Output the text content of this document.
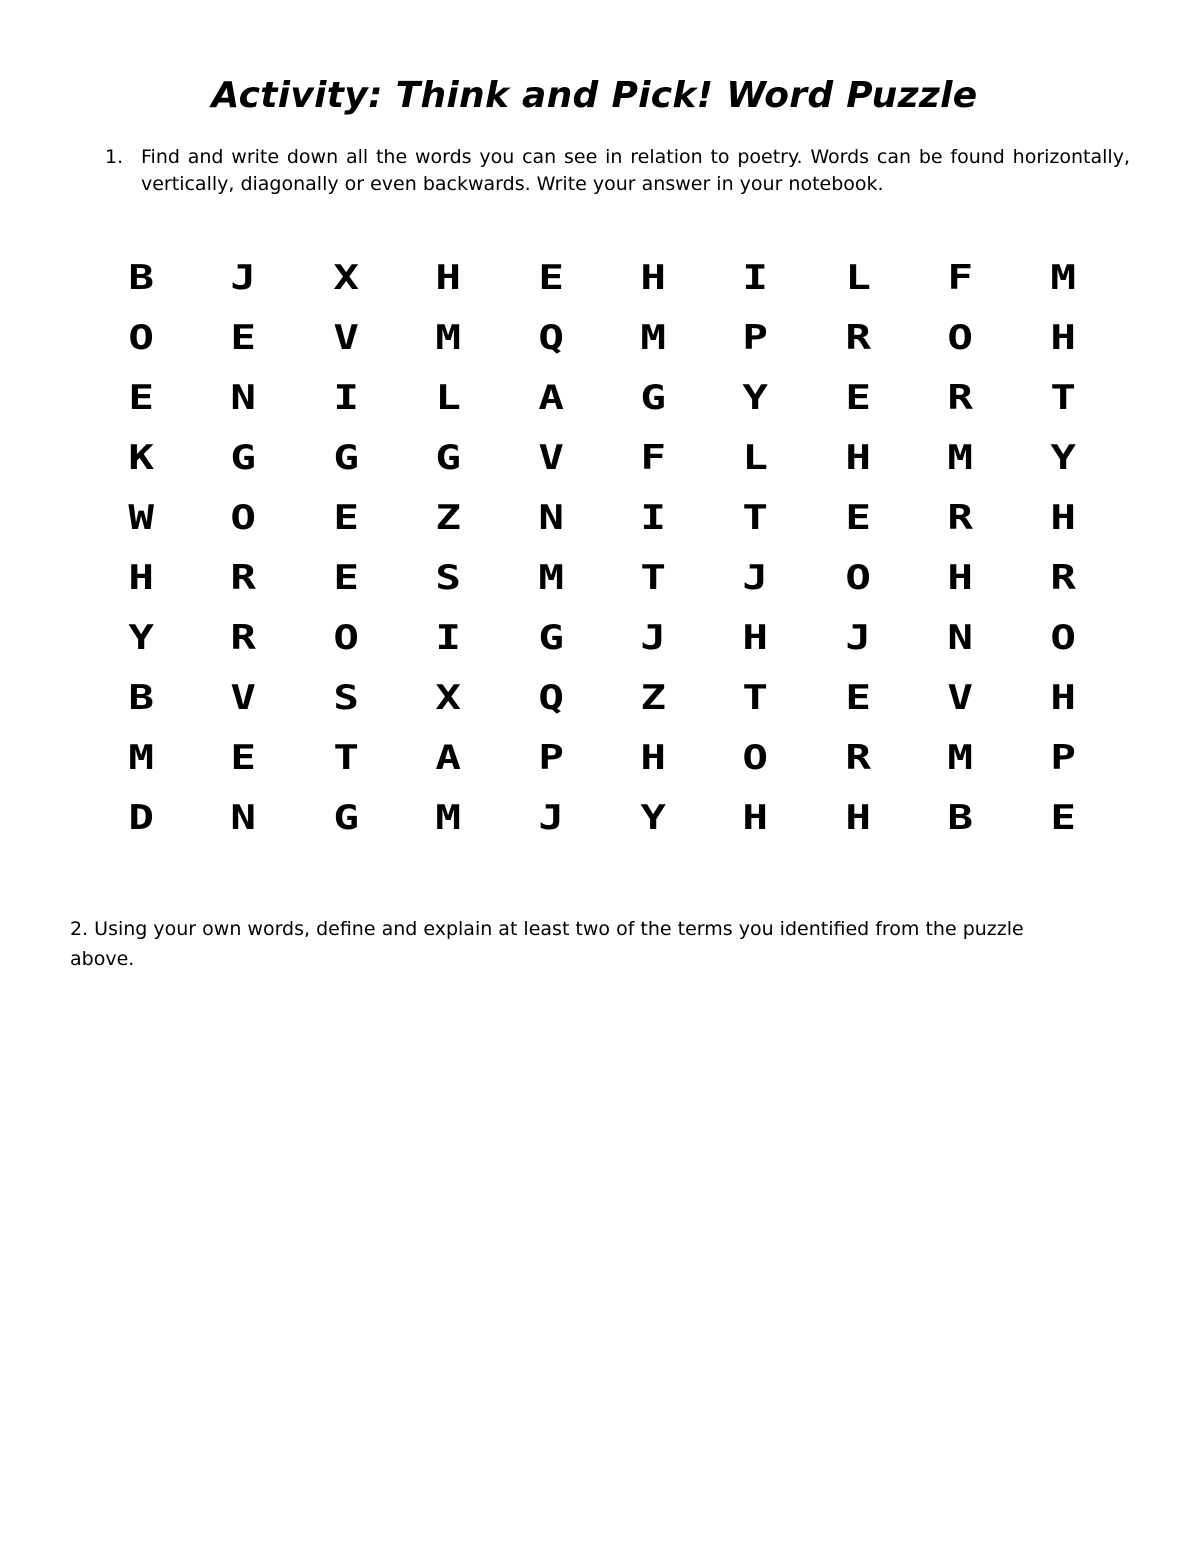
Activity: Think and Pick! Word Puzzle
1. Find and write down all the words you can see in relation to poetry. Words can be found horizontally, vertically, diagonally or even backwards. Write your answer in your notebook.
B	J	X	H	E	H	I	L	F	M
O	E	V	M	Q	M	P	R	O	H
E	N	I	L	A	G	Y	E	R	T
K	G	G	G	V	F	L	H	M	Y
W	O	E	Z	N	I	T	E	R	H
H	R	E	S	M	T	J	O	H	R
Y	R	O	I	G	J	H	J	N	O
B	V	S	X	Q	Z	T	E	V	H
M	E	T	A	P	H	O	R	M	P
D	N	G	M	J	Y	H	H	B	E
2. Using your own words, define and explain at least two of the terms you identified from the puzzle above.
